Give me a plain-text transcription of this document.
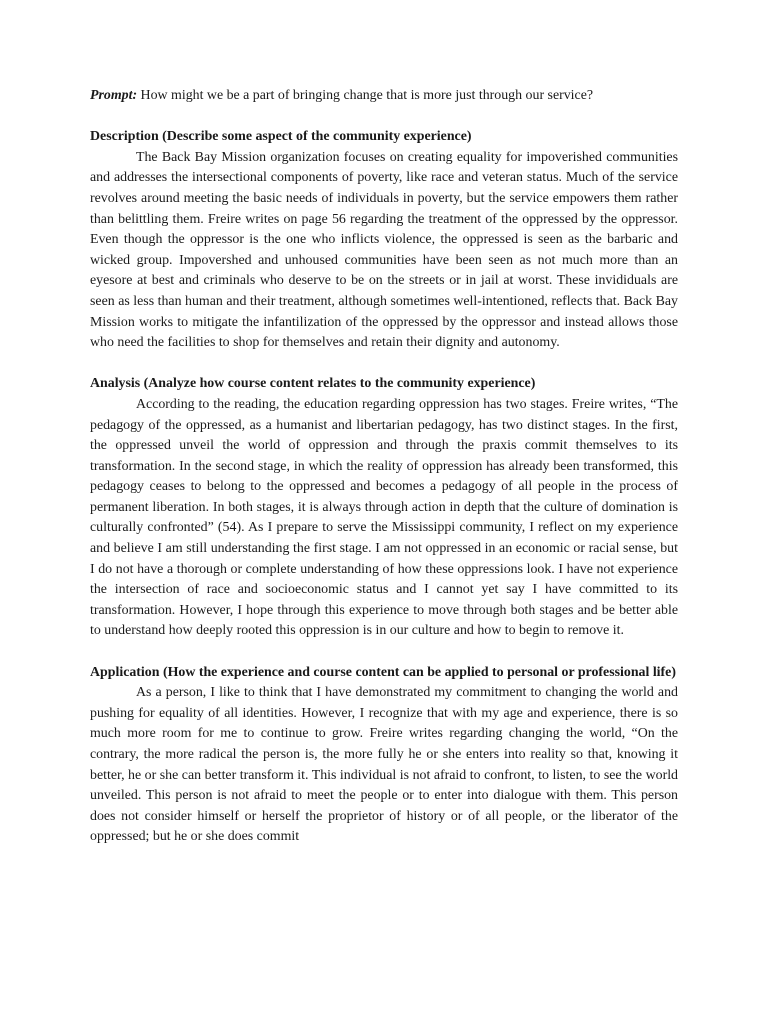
Prompt: How might we be a part of bringing change that is more just through our service?

Description (Describe some aspect of the community experience)

The Back Bay Mission organization focuses on creating equality for impoverished communities and addresses the intersectional components of poverty, like race and veteran status. Much of the service revolves around meeting the basic needs of individuals in poverty, but the service empowers them rather than belittling them. Freire writes on page 56 regarding the treatment of the oppressed by the oppressor. Even though the oppressor is the one who inflicts violence, the oppressed is seen as the barbaric and wicked group. Impovershed and unhoused communities have been seen as not much more than an eyesore at best and criminals who deserve to be on the streets or in jail at worst. These invididuals are seen as less than human and their treatment, although sometimes well-intentioned, reflects that. Back Bay Mission works to mitigate the infantilization of the oppressed by the oppressor and instead allows those who need the facilities to shop for themselves and retain their dignity and autonomy.

Analysis (Analyze how course content relates to the community experience)

According to the reading, the education regarding oppression has two stages. Freire writes, “The pedagogy of the oppressed, as a humanist and libertarian pedagogy, has two distinct stages. In the first, the oppressed unveil the world of oppression and through the praxis commit themselves to its transformation. In the second stage, in which the reality of oppression has already been transformed, this pedagogy ceases to belong to the oppressed and becomes a pedagogy of all people in the process of permanent liberation. In both stages, it is always through action in depth that the culture of domination is culturally confronted” (54). As I prepare to serve the Mississippi community, I reflect on my experience and believe I am still understanding the first stage. I am not oppressed in an economic or racial sense, but I do not have a thorough or complete understanding of how these oppressions look. I have not experience the intersection of race and socioeconomic status and I cannot yet say I have committed to its transformation. However, I hope through this experience to move through both stages and be better able to understand how deeply rooted this oppression is in our culture and how to begin to remove it.

Application (How the experience and course content can be applied to personal or professional life)

As a person, I like to think that I have demonstrated my commitment to changing the world and pushing for equality of all identities. However, I recognize that with my age and experience, there is so much more room for me to continue to grow. Freire writes regarding changing the world, “On the contrary, the more radical the person is, the more fully he or she enters into reality so that, knowing it better, he or she can better transform it. This individual is not afraid to confront, to listen, to see the world unveiled. This person is not afraid to meet the people or to enter into dialogue with them. This person does not consider himself or herself the proprietor of history or of all people, or the liberator of the oppressed; but he or she does commit
